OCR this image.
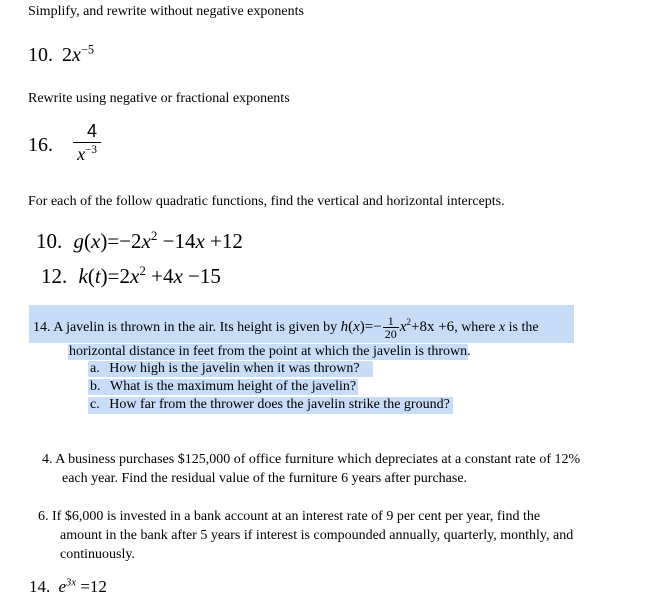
Simplify, and rewrite without negative exponents
10. $2x^{-5}$
Rewrite using negative or fractional exponents
16. $\frac{4}{x^{-3}}$
For each of the follow quadratic functions, find the vertical and horizontal intercepts.
10. $g(x)=-2x^2 -14x +12$
12. $k(t)=2x^2 +4x -15$
14. A javelin is thrown in the air. Its height is given by $h(x)=- \frac{1}{20} x^2+8x +6$, where x is the
horizontal distance in feet from the point at which the javelin is thrown.
a. How high is the javelin when it was thrown?
b. What is the maximum height of the javelin?
c. How far from the thrower does the javelin strike the ground?
4. A business purchases $125,000 of office furniture which depreciates at a constant rate of 12%
each year. Find the residual value of the furniture 6 years after purchase.
6. If $6,000 is invested in a bank account at an interest rate of 9 per cent per year, find the
amount in the bank after 5 years if interest is compounded annually, quarterly, monthly, and
continuously.
14. $e^{3x} =12$
